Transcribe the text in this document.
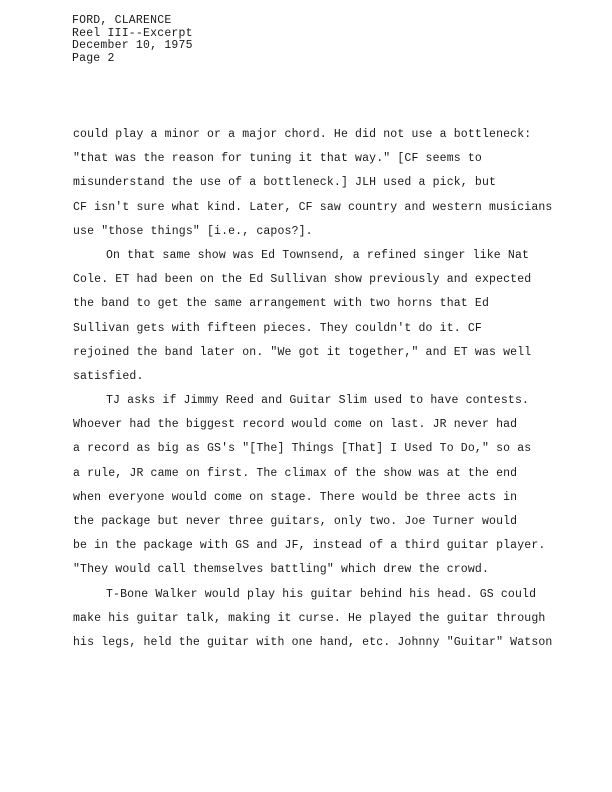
FORD, CLARENCE
Reel III--Excerpt
December 10, 1975
Page 2
could play a minor or a major chord. He did not use a bottleneck:
"that was the reason for tuning it that way." [CF seems to
misunderstand the use of a bottleneck.] JLH used a pick, but
CF isn't sure what kind. Later, CF saw country and western musicians
use "those things" [i.e., capos?].
On that same show was Ed Townsend, a refined singer like Nat
Cole. ET had been on the Ed Sullivan show previously and expected
the band to get the same arrangement with two horns that Ed
Sullivan gets with fifteen pieces. They couldn't do it. CF
rejoined the band later on. "We got it together," and ET was well
satisfied.
TJ asks if Jimmy Reed and Guitar Slim used to have contests.
Whoever had the biggest record would come on last. JR never had
a record as big as GS's "[The] Things [That] I Used To Do," so as
a rule, JR came on first. The climax of the show was at the end
when everyone would come on stage. There would be three acts in
the package but never three guitars, only two. Joe Turner would
be in the package with GS and JF, instead of a third guitar player.
"They would call themselves battling" which drew the crowd.
T-Bone Walker would play his guitar behind his head. GS could
make his guitar talk, making it curse. He played the guitar through
his legs, held the guitar with one hand, etc. Johnny "Guitar" Watson
